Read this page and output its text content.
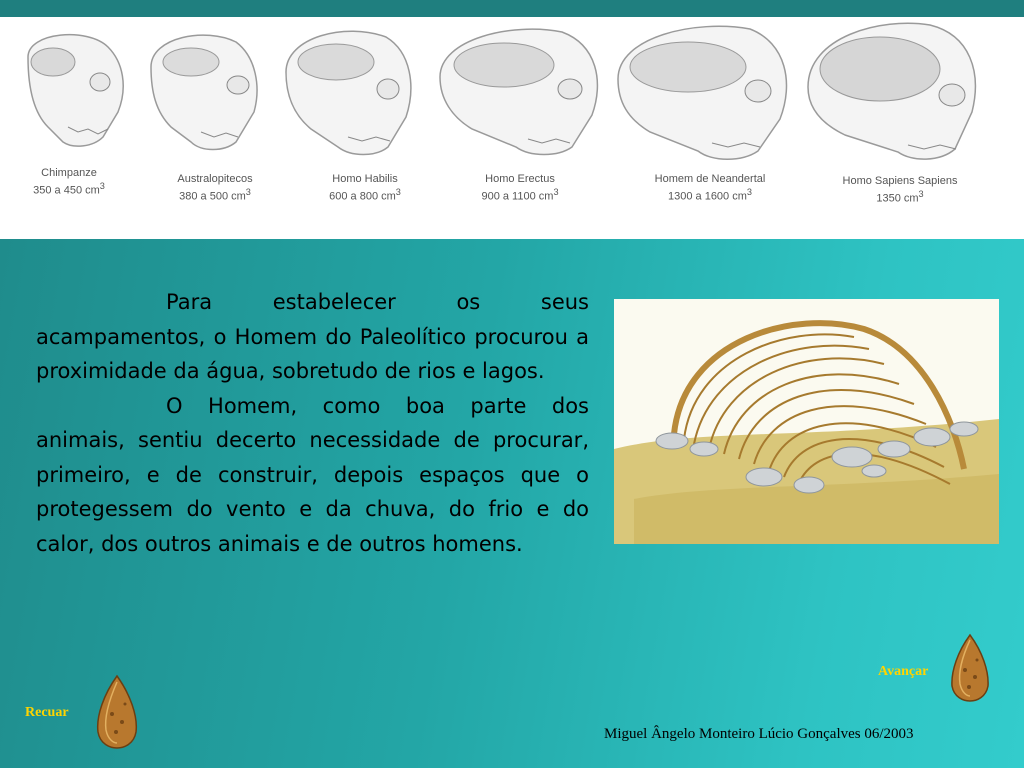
Chimpanze
350 a 450 $cm^3$
Australopitecos
380 a 500 $cm^3$
Homo Habilis
600 a 800 $cm^3$
Homo Erectus
900 a 1100 $cm^3$
Homem de Neandertal
1300 a 1600 $cm^3$
Homo Sapiens Sapiens
1350 $cm^3$

Para estabelecer os seus acampamentos, o Homem do Paleolítico procurou a proximidade da água, sobretudo de rios e lagos.

O Homem, como boa parte dos animais, sentiu decerto necessidade de procurar, primeiro, e de construir, depois espaços que o protegessem do vento e da chuva, do frio e do calor, dos outros animais e de outros homens.

Recuar
Avançar
Miguel Ângelo Monteiro Lúcio Gonçalves 06/2003
